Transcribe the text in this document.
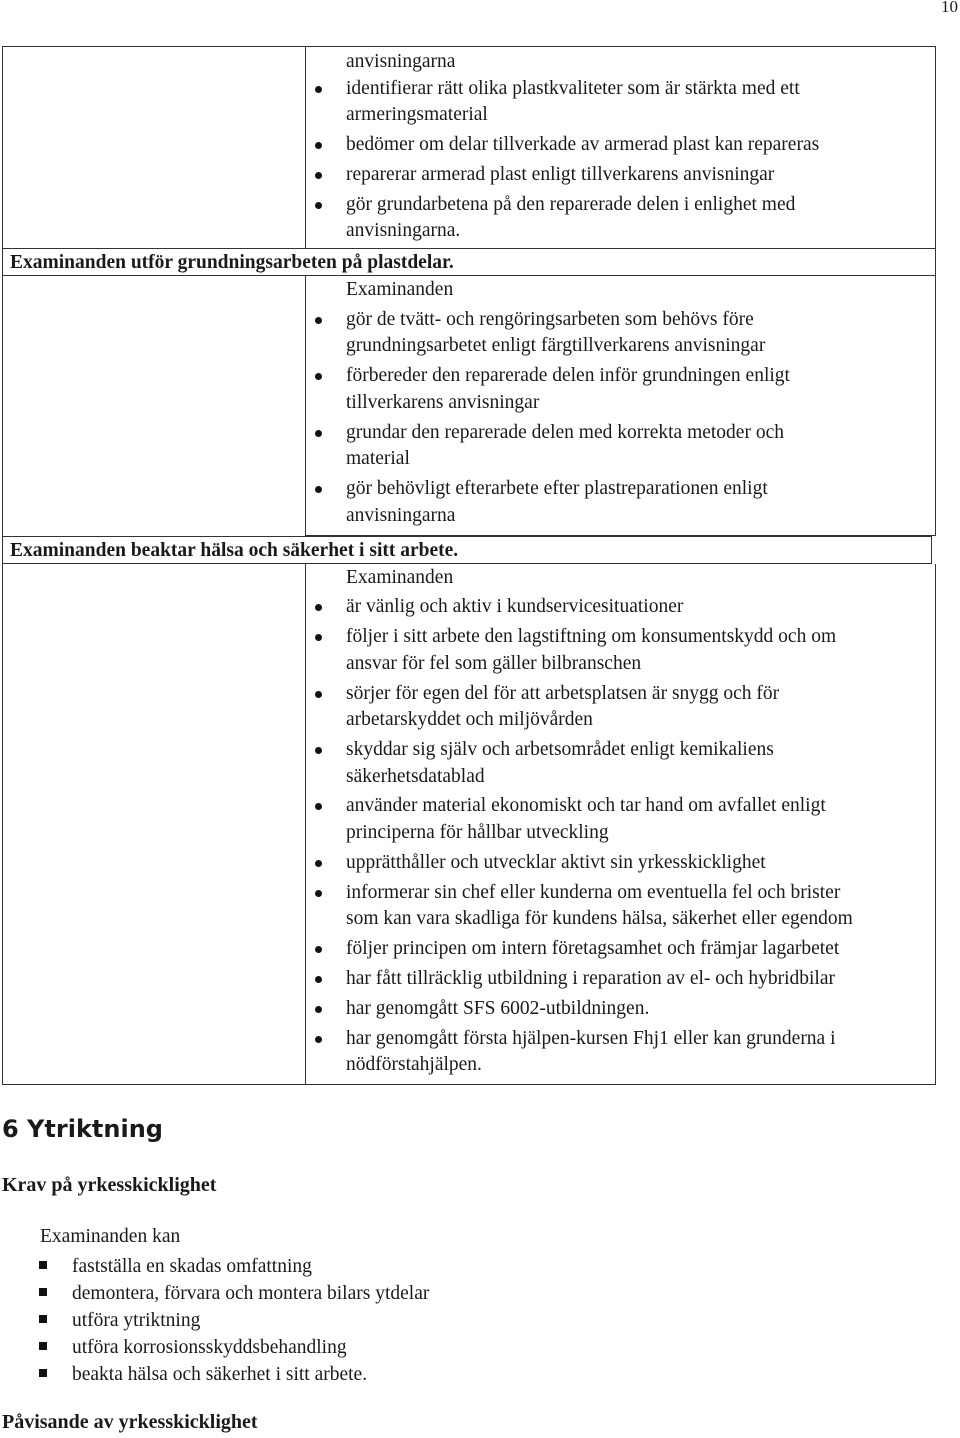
10
anvisningarna
identifierar rätt olika plastkvaliteter som är stärkta med ett
armeringsmaterial
bedömer om delar tillverkade av armerad plast kan repareras
reparerar armerad plast enligt tillverkarens anvisningar
gör grundarbetena på den reparerade delen i enlighet med
anvisningarna.
Examinanden utför grundningsarbeten på plastdelar.
Examinanden
gör de tvätt- och rengöringsarbeten som behövs före
grundningsarbetet enligt färgtillverkarens anvisningar
förbereder den reparerade delen inför grundningen enligt
tillverkarens anvisningar
grundar den reparerade delen med korrekta metoder och
material
gör behövligt efterarbete efter plastreparationen enligt
anvisningarna
Examinanden beaktar hälsa och säkerhet i sitt arbete.
Examinanden
är vänlig och aktiv i kundservicesituationer
följer i sitt arbete den lagstiftning om konsumentskydd och om
ansvar för fel som gäller bilbranschen
sörjer för egen del för att arbetsplatsen är snygg och för
arbetarskyddet och miljövården
skyddar sig själv och arbetsområdet enligt kemikaliens
säkerhetsdatablad
använder material ekonomiskt och tar hand om avfallet enligt
principerna för hållbar utveckling
upprätthåller och utvecklar aktivt sin yrkesskicklighet
informerar sin chef eller kunderna om eventuella fel och brister
som kan vara skadliga för kundens hälsa, säkerhet eller egendom
följer principen om intern företagsamhet och främjar lagarbetet
har fått tillräcklig utbildning i reparation av el- och hybridbilar
har genomgått SFS 6002-utbildningen.
har genomgått första hjälpen-kursen Fhj1 eller kan grunderna i
nödförstahjälpen.
6 Ytriktning
Krav på yrkesskicklighet
Examinanden kan
fastställa en skadas omfattning
demontera, förvara och montera bilars ytdelar
utföra ytriktning
utföra korrosionsskyddsbehandling
beakta hälsa och säkerhet i sitt arbete.
Påvisande av yrkesskicklighet
